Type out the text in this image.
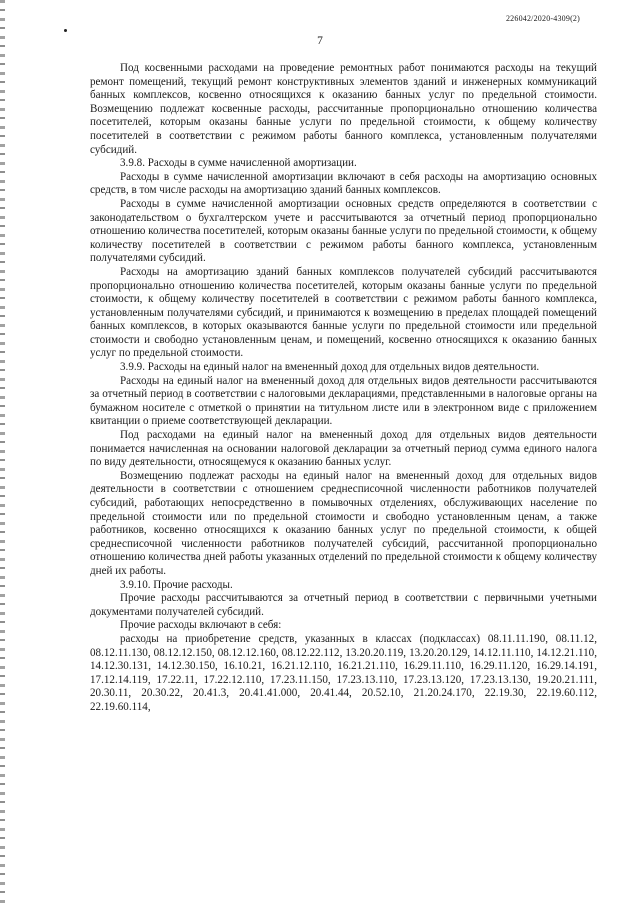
226042/2020-4309(2)
7

Под косвенными расходами на проведение ремонтных работ понимаются расходы на текущий ремонт помещений, текущий ремонт конструктивных элементов зданий и инженерных коммуникаций банных комплексов, косвенно относящихся к оказанию банных услуг по предельной стоимости. Возмещению подлежат косвенные расходы, рассчитанные пропорционально отношению количества посетителей, которым оказаны банные услуги по предельной стоимости, к общему количеству посетителей в соответствии с режимом работы банного комплекса, установленным получателями субсидий.

3.9.8. Расходы в сумме начисленной амортизации.

Расходы в сумме начисленной амортизации включают в себя расходы на амортизацию основных средств, в том числе расходы на амортизацию зданий банных комплексов.

Расходы в сумме начисленной амортизации основных средств определяются в соответствии с законодательством о бухгалтерском учете и рассчитываются за отчетный период пропорционально отношению количества посетителей, которым оказаны банные услуги по предельной стоимости, к общему количеству посетителей в соответствии с режимом работы банного комплекса, установленным получателями субсидий.

Расходы на амортизацию зданий банных комплексов получателей субсидий рассчитываются пропорционально отношению количества посетителей, которым оказаны банные услуги по предельной стоимости, к общему количеству посетителей в соответствии с режимом работы банного комплекса, установленным получателями субсидий, и принимаются к возмещению в пределах площадей помещений банных комплексов, в которых оказываются банные услуги по предельной стоимости или предельной стоимости и свободно установленным ценам, и помещений, косвенно относящихся к оказанию банных услуг по предельной стоимости.

3.9.9. Расходы на единый налог на вмененный доход для отдельных видов деятельности.

Расходы на единый налог на вмененный доход для отдельных видов деятельности рассчитываются за отчетный период в соответствии с налоговыми декларациями, представленными в налоговые органы на бумажном носителе с отметкой о принятии на титульном листе или в электронном виде с приложением квитанции о приеме соответствующей декларации.

Под расходами на единый налог на вмененный доход для отдельных видов деятельности понимается начисленная на основании налоговой декларации за отчетный период сумма единого налога по виду деятельности, относящемуся к оказанию банных услуг.

Возмещению подлежат расходы на единый налог на вмененный доход для отдельных видов деятельности в соответствии с отношением среднесписочной численности работников получателей субсидий, работающих непосредственно в помывочных отделениях, обслуживающих население по предельной стоимости или по предельной стоимости и свободно установленным ценам, а также работников, косвенно относящихся к оказанию банных услуг по предельной стоимости, к общей среднесписочной численности работников получателей субсидий, рассчитанной пропорционально отношению количества дней работы указанных отделений по предельной стоимости к общему количеству дней их работы.

3.9.10. Прочие расходы.

Прочие расходы рассчитываются за отчетный период в соответствии с первичными учетными документами получателей субсидий.

Прочие расходы включают в себя:

расходы на приобретение средств, указанных в классах (подклассах) 08.11.11.190, 08.11.12, 08.12.11.130, 08.12.12.150, 08.12.12.160, 08.12.22.112, 13.20.20.119, 13.20.20.129, 14.12.11.110, 14.12.21.110, 14.12.30.131, 14.12.30.150, 16.10.21, 16.21.12.110, 16.21.21.110, 16.29.11.110, 16.29.11.120, 16.29.14.191, 17.12.14.119, 17.22.11, 17.22.12.110, 17.23.11.150, 17.23.13.110, 17.23.13.120, 17.23.13.130, 19.20.21.111, 20.30.11, 20.30.22, 20.41.3, 20.41.41.000, 20.41.44, 20.52.10, 21.20.24.170, 22.19.30, 22.19.60.112, 22.19.60.114,
